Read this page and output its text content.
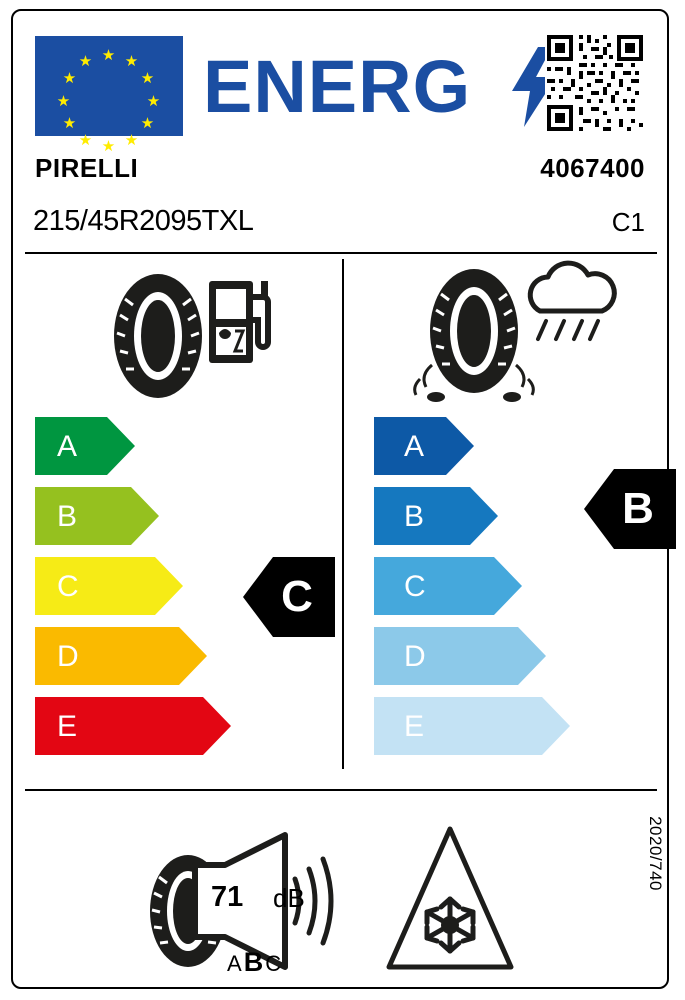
★ ★
★
★
★
★
★
★
★
★
★
★ ENERG
PIRELLI	4067400
215/45R2095TXL	C1
A
B
C
D
E
C
A
B
C
D
E
B
71 dB
ABC
2020/740
